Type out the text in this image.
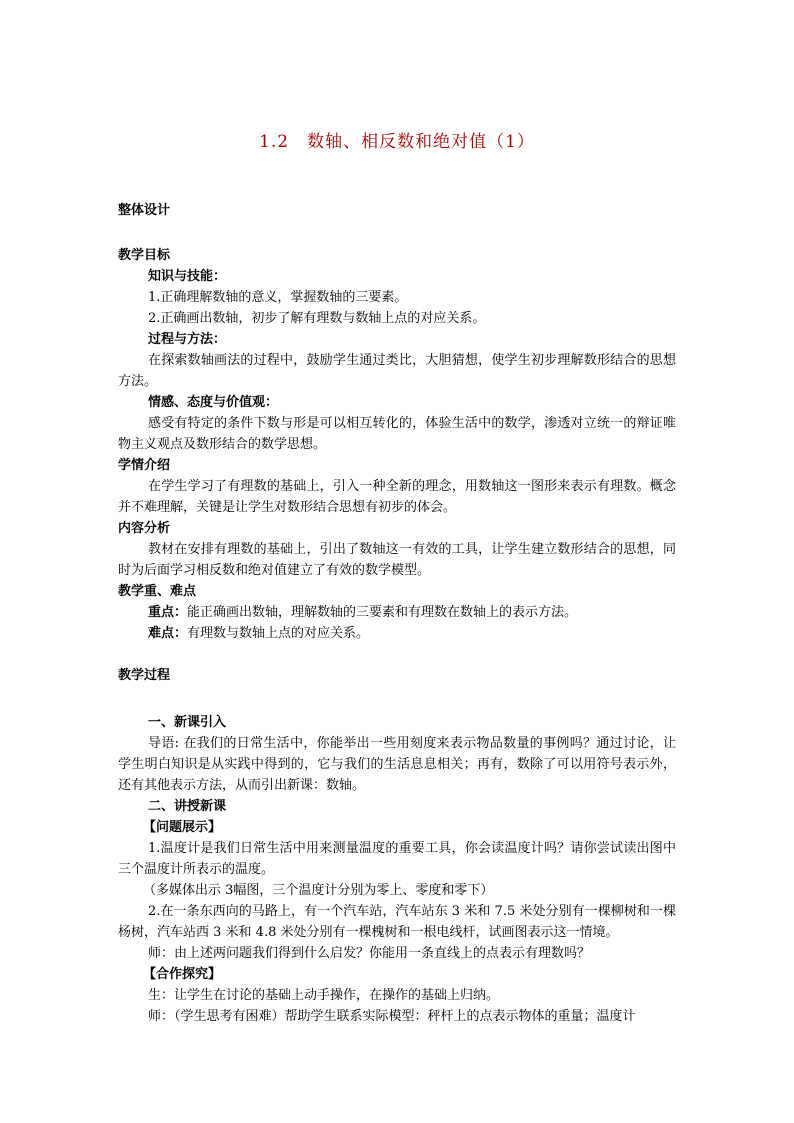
1.2　数轴、相反数和绝对值（1）
整体设计
教学目标
知识与技能：
1.正确理解数轴的意义，掌握数轴的三要素。
2.正确画出数轴，初步了解有理数与数轴上点的对应关系。
过程与方法：
在探索数轴画法的过程中，鼓励学生通过类比，大胆猜想，使学生初步理解数形结合的思想方法。
情感、态度与价值观：
感受有特定的条件下数与形是可以相互转化的，体验生活中的数学，渗透对立统一的辩证唯物主义观点及数形结合的数学思想。
学情介绍
在学生学习了有理数的基础上，引入一种全新的理念，用数轴这一图形来表示有理数。概念并不难理解，关键是让学生对数形结合思想有初步的体会。
内容分析
教材在安排有理数的基础上，引出了数轴这一有效的工具，让学生建立数形结合的思想，同时为后面学习相反数和绝对值建立了有效的数学模型。
教学重、难点
重点：能正确画出数轴，理解数轴的三要素和有理数在数轴上的表示方法。
难点：有理数与数轴上点的对应关系。
教学过程
一、新课引入
导语: 在我们的日常生活中，你能举出一些用刻度来表示物品数量的事例吗？通过讨论，让学生明白知识是从实践中得到的，它与我们的生活息息相关；再有，数除了可以用符号表示外，还有其他表示方法，从而引出新课：数轴。
二、讲授新课
【问题展示】
1.温度计是我们日常生活中用来测量温度的重要工具，你会读温度计吗？请你尝试读出图中三个温度计所表示的温度。
（多媒体出示 3幅图，三个温度计分别为零上、零度和零下）
2.在一条东西向的马路上，有一个汽车站，汽车站东 3 米和 7.5 米处分别有一棵柳树和一棵杨树，汽车站西 3 米和 4.8 米处分别有一棵槐树和一根电线杆，试画图表示这一情境。
师：由上述两问题我们得到什么启发？你能用一条直线上的点表示有理数吗？
【合作探究】
生：让学生在讨论的基础上动手操作，在操作的基础上归纳。
师：（学生思考有困难）帮助学生联系实际模型：秤杆上的点表示物体的重量；温度计
